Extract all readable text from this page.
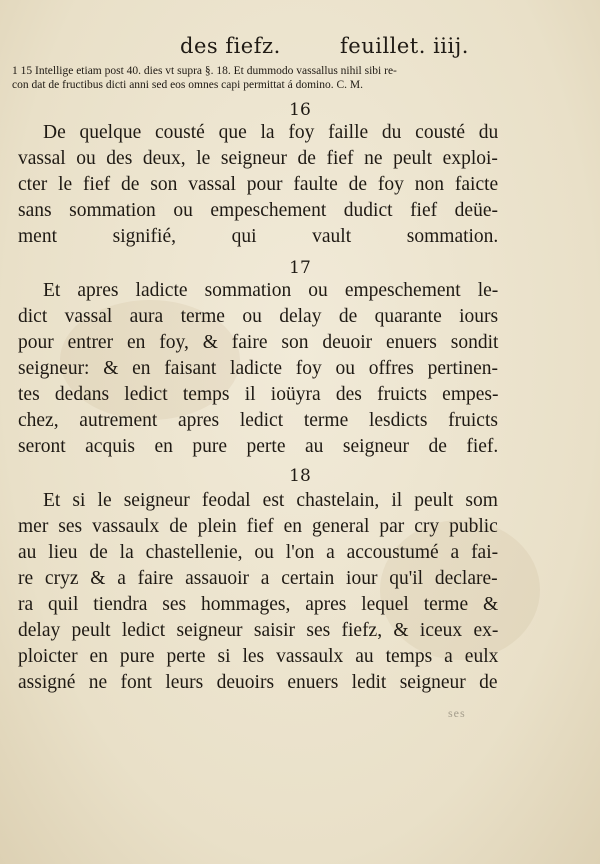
des fiefz.	feuillet. iiij.
1 15 Intellige etiam post 40. dies vt supra §. 18. Et dummodo vassallus nihil sibi re-
con dat de fructibus dicti anni sed eos omnes capi permittat á domino. C. M.
16
De quelque cousté que la foy faille du cousté du
vassal ou des deux, le seigneur de fief ne peult exploi-
cter le fief de son vassal pour faulte de foy non faicte
sans sommation ou empeschement dudict fief deüe-
ment signifié, qui vault sommation.
17
Et apres ladicte sommation ou empeschement le-
dict vassal aura terme ou delay de quarante iours
pour entrer en foy, & faire son deuoir enuers sondit
seigneur: & en faisant ladicte foy ou offres pertinen-
tes dedans ledict temps il ioüyra des fruicts empes-
chez, autrement apres ledict terme lesdicts fruicts
seront acquis en pure perte au seigneur de fief.
18
Et si le seigneur feodal est chastelain, il peult som
mer ses vassaulx de plein fief en general par cry public
au lieu de la chastellenie, ou l'on a accoustumé a fai-
re cryz & a faire assauoir a certain iour qu'il declare-
ra quil tiendra ses hommages, apres lequel terme &
delay peult ledict seigneur saisir ses fiefz, & iceux ex-
ploicter en pure perte si les vassaulx au temps a eulx
assigné ne font leurs deuoirs enuers ledit seigneur de
ses
